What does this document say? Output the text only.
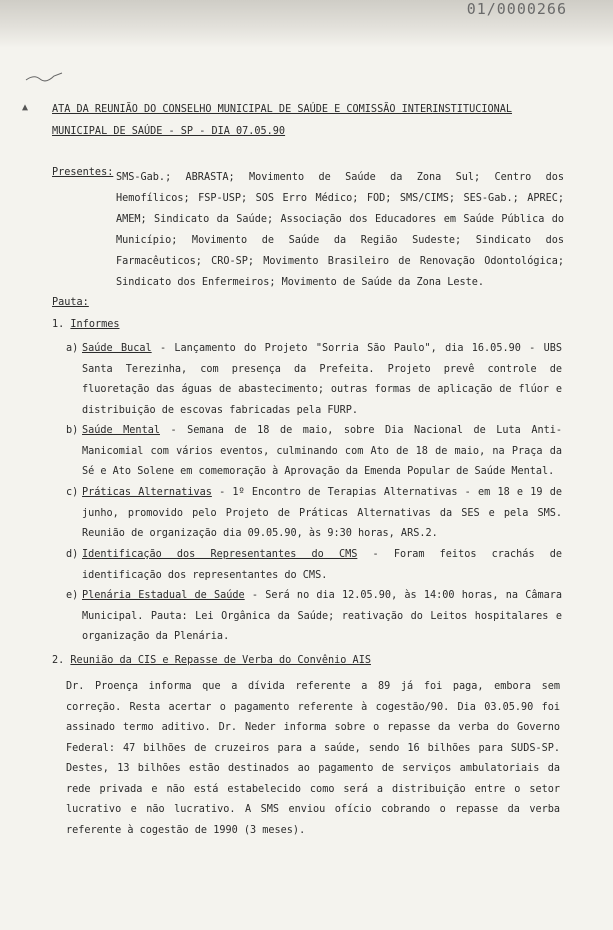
01/0000266
▲ ATA DA REUNIÃO DO CONSELHO MUNICIPAL DE SAÚDE E COMISSÃO INTERINSTITUCIONAL MUNICIPAL DE SAÚDE - SP - DIA 07.05.90
Presentes: SMS-Gab.; ABRASTA; Movimento de Saúde da Zona Sul; Centro dos Hemofílicos; FSP-USP; SOS Erro Médico; FOD; SMS/CIMS; SES-Gab.; APREC; AMEM; Sindicato da Saúde; Associação dos Educadores em Saúde Pública do Município; Movimento de Saúde da Região Sudeste; Sindicato dos Farmacêuticos; CRO-SP; Movimento Brasileiro de Renovação Odontológica; Sindicato dos Enfermeiros; Movimento de Saúde da Zona Leste.
Pauta:
1. Informes
a) Saúde Bucal - Lançamento do Projeto "Sorria São Paulo", dia 16.05.90 - UBS Santa Terezinha, com presença da Prefeita. Projeto prevê controle de fluoretação das águas de abastecimento; outras formas de aplicação de flúor e distribuição de escovas fabricadas pela FURP.
b) Saúde Mental - Semana de 18 de maio, sobre Dia Nacional de Luta Anti-Manicomial com vários eventos, culminando com Ato de 18 de maio, na Praça da Sé e Ato Solene em comemoração à Aprovação da Emenda Popular de Saúde Mental.
c) Práticas Alternativas - 1º Encontro de Terapias Alternativas - em 18 e 19 de junho, promovido pelo Projeto de Práticas Alternativas da SES e pela SMS. Reunião de organização dia 09.05.90, às 9:30 horas, ARS.2.
d) Identificação dos Representantes do CMS - Foram feitos crachás de identificação dos representantes do CMS.
e) Plenária Estadual de Saúde - Será no dia 12.05.90, às 14:00 horas, na Câmara Municipal. Pauta: Lei Orgânica da Saúde; reativação do Leitos hospitalares e organização da Plenária.
2. Reunião da CIS e Repasse de Verba do Convênio AIS
Dr. Proença informa que a dívida referente a 89 já foi paga, embora sem correção. Resta acertar o pagamento referente à cogestão/90. Dia 03.05.90 foi assinado termo aditivo. Dr. Neder informa sobre o repasse da verba do Governo Federal: 47 bilhões de cruzeiros para a saúde, sendo 16 bilhões para SUDS-SP. Destes, 13 bilhões estão destinados ao pagamento de serviços ambulatoriais da rede privada e não está estabelecido como será a distribuição entre o setor lucrativo e não lucrativo. A SMS enviou ofício cobrando o repasse da verba referente à cogestão de 1990 (3 meses).
